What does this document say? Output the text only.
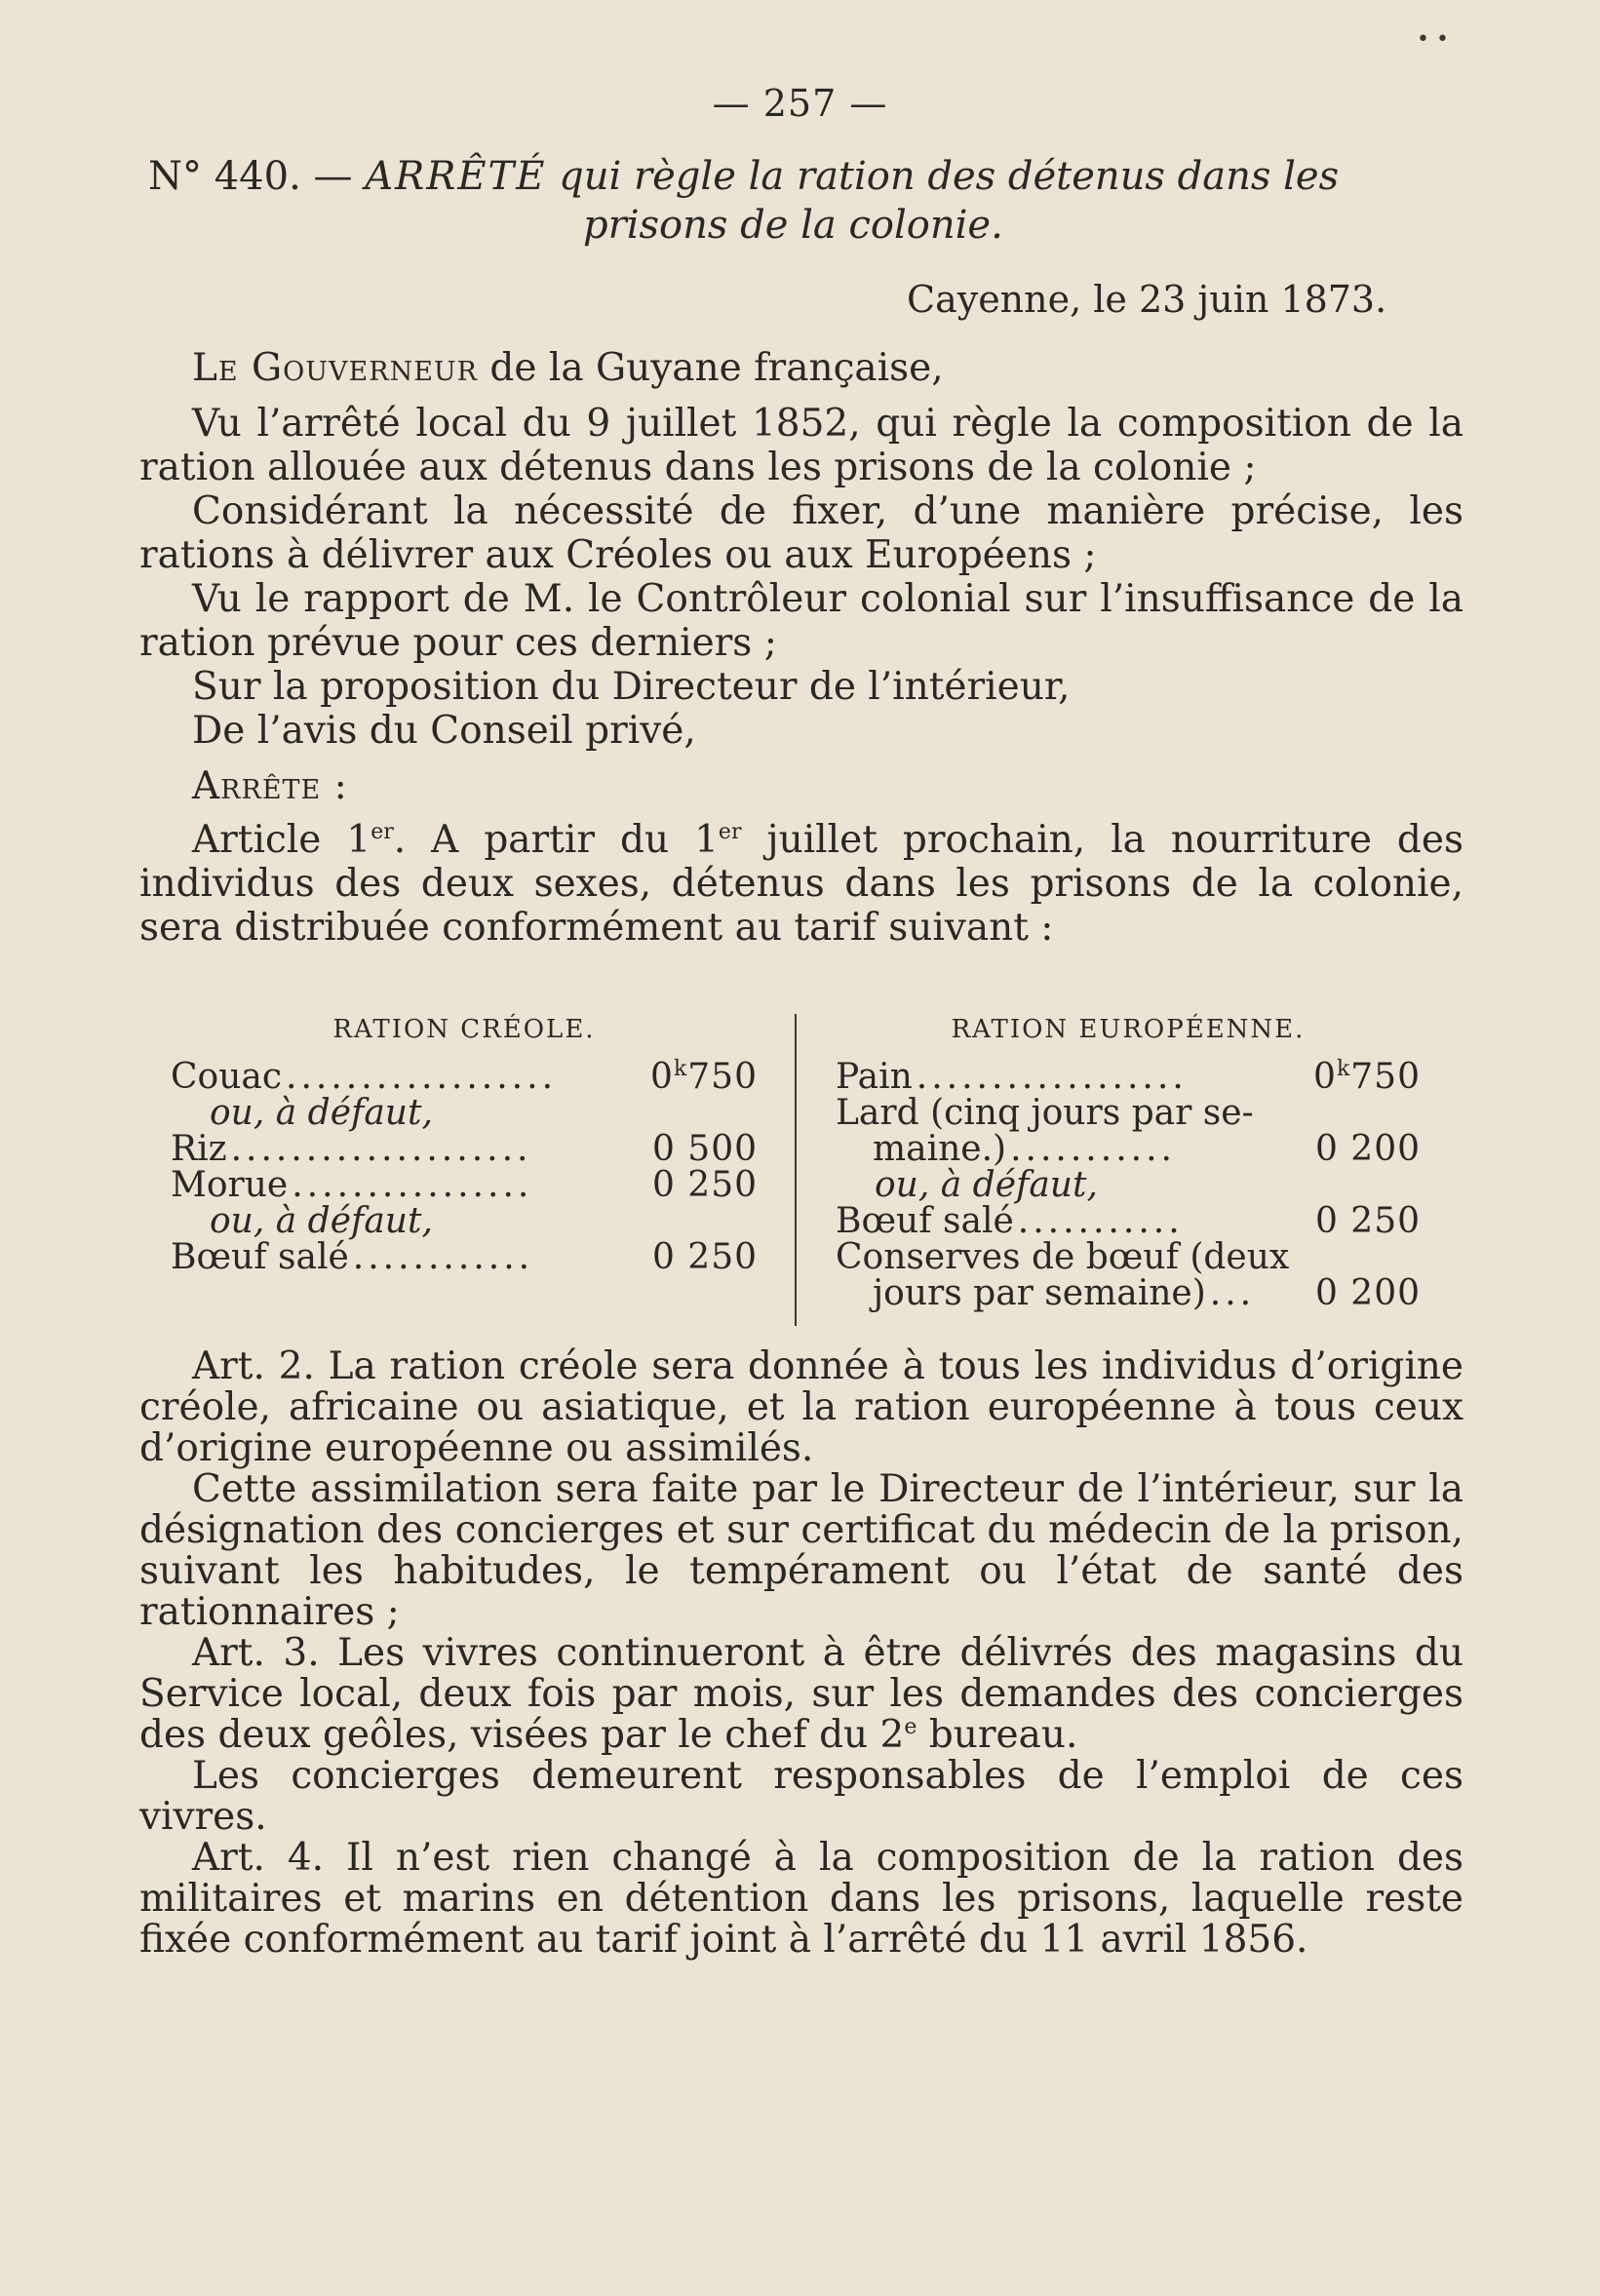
• •
— 257 —
N° 440. — ARRÊTÉ qui règle la ration des détenus dans les
prisons de la colonie.
Cayenne, le 23 juin 1873.

Le Gouverneur de la Guyane française,

Vu l’arrêté local du 9 juillet 1852, qui règle la composition de la ration allouée aux détenus dans les prisons de la colonie ;

Considérant la nécessité de fixer, d’une manière précise, les rations à délivrer aux Créoles ou aux Européens ;

Vu le rapport de M. le Contrôleur colonial sur l’insuffisance de la ration prévue pour ces derniers ;

Sur la proposition du Directeur de l’intérieur,

De l’avis du Conseil privé,

Arrête :

Article 1er. A partir du 1er juillet prochain, la nourriture des individus des deux sexes, détenus dans les prisons de la colonie, sera distribuée conformément au tarif suivant :

RATION CRÉOLE.
Couac ..................	0$^k$750
ou, à défaut,
Riz ....................	0 500
Morue ................	0 250
ou, à défaut,
Bœuf salé ............	0 250
RATION EUROPÉENNE.
Pain ..................	0$^k$750
Lard (cinq jours par se-
maine.) ...........	0 200
ou, à défaut,
Bœuf salé ...........	0 250
Conserves de bœuf (deux
jours par semaine) ...	0 200

Art. 2. La ration créole sera donnée à tous les individus d’origine créole, africaine ou asiatique, et la ration européenne à tous ceux d’origine européenne ou assimilés.

Cette assimilation sera faite par le Directeur de l’intérieur, sur la désignation des concierges et sur certificat du médecin de la prison, suivant les habitudes, le tempérament ou l’état de santé des rationnaires ;

Art. 3. Les vivres continueront à être délivrés des magasins du Service local, deux fois par mois, sur les demandes des concierges des deux geôles, visées par le chef du 2e bureau.

Les concierges demeurent responsables de l’emploi de ces vivres.

Art. 4. Il n’est rien changé à la composition de la ration des militaires et marins en détention dans les prisons, laquelle reste fixée conformément au tarif joint à l’arrêté du 11 avril 1856.
